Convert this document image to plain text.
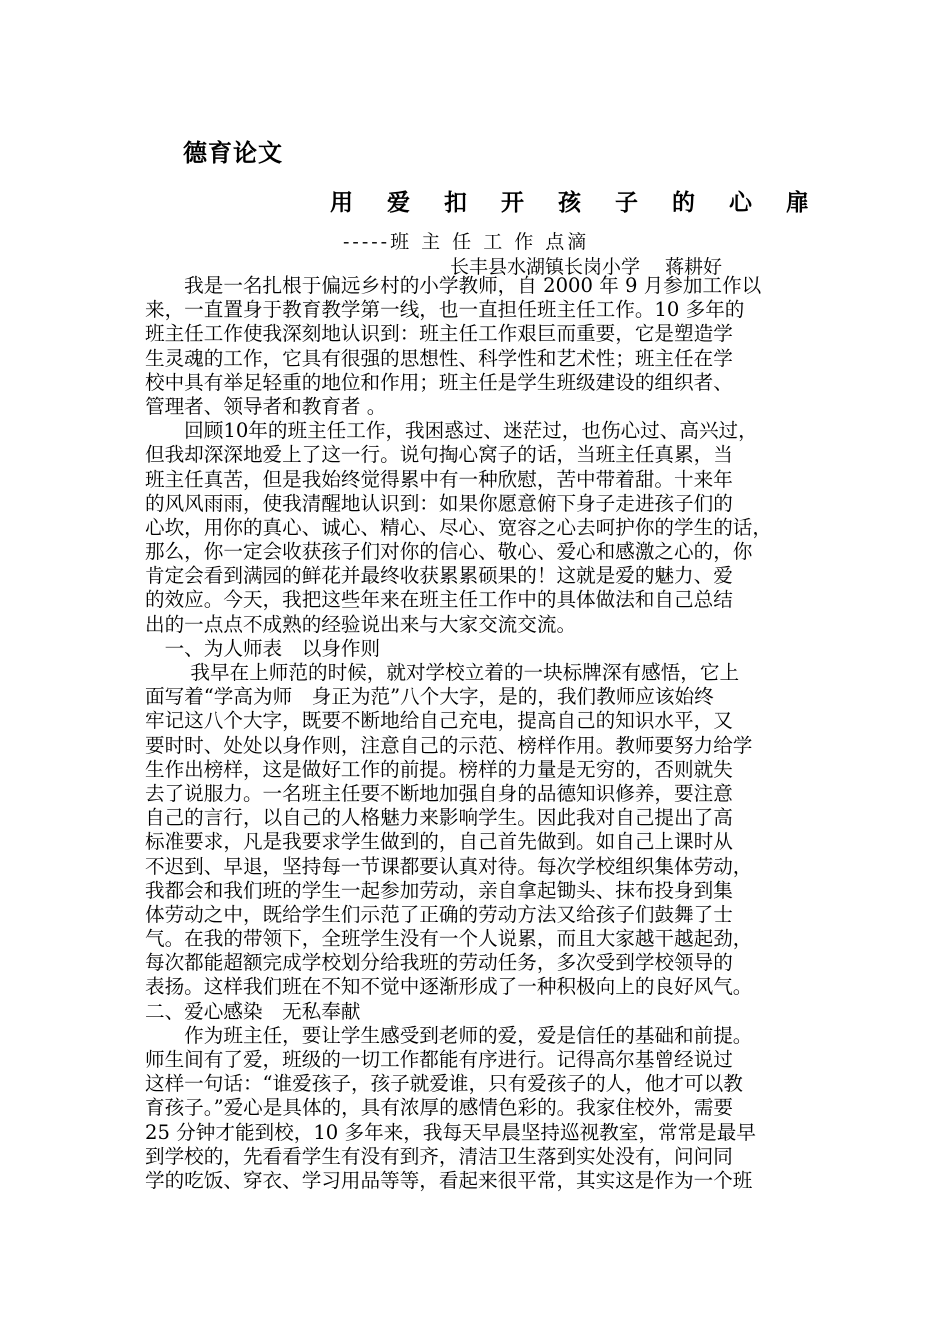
德育论文
用 爱 扣 开 孩 子 的 心 扉
-----班 主 任 工 作 点滴
长丰县水湖镇长岗小学　 蒋耕好
　　我是一名扎根于偏远乡村的小学教师，自 2000 年 9 月参加工作以
来，一直置身于教育教学第一线，也一直担任班主任工作。10 多年的
班主任工作使我深刻地认识到：班主任工作艰巨而重要，它是塑造学
生灵魂的工作，它具有很强的思想性、科学性和艺术性；班主任在学
校中具有举足轻重的地位和作用；班主任是学生班级建设的组织者、
管理者、领导者和教育者 。
　　回顾10年的班主任工作，我困惑过、迷茫过，也伤心过、高兴过，
但我却深深地爱上了这一行。说句掏心窝子的话，当班主任真累，当
班主任真苦，但是我始终觉得累中有一种欣慰，苦中带着甜。十来年
的风风雨雨，使我清醒地认识到：如果你愿意俯下身子走进孩子们的
心坎，用你的真心、诚心、精心、尽心、宽容之心去呵护你的学生的话，
那么，你一定会收获孩子们对你的信心、敬心、爱心和感激之心的，你
肯定会看到满园的鲜花并最终收获累累硕果的！这就是爱的魅力、爱
的效应。今天，我把这些年来在班主任工作中的具体做法和自己总结
出的一点点不成熟的经验说出来与大家交流交流。
　一、为人师表　以身作则
　　 我早在上师范的时候，就对学校立着的一块标牌深有感悟，它上
面写着“学高为师　身正为范”八个大字，是的，我们教师应该始终
牢记这八个大字，既要不断地给自己充电，提高自己的知识水平，又
要时时、处处以身作则，注意自己的示范、榜样作用。教师要努力给学
生作出榜样，这是做好工作的前提。榜样的力量是无穷的，否则就失
去了说服力。一名班主任要不断地加强自身的品德知识修养，要注意
自己的言行，以自己的人格魅力来影响学生。因此我对自己提出了高
标准要求，凡是我要求学生做到的，自己首先做到。如自己上课时从
不迟到、早退，坚持每一节课都要认真对待。每次学校组织集体劳动，
我都会和我们班的学生一起参加劳动，亲自拿起锄头、抹布投身到集
体劳动之中，既给学生们示范了正确的劳动方法又给孩子们鼓舞了士
气。在我的带领下，全班学生没有一个人说累，而且大家越干越起劲，
每次都能超额完成学校划分给我班的劳动任务，多次受到学校领导的
表扬。这样我们班在不知不觉中逐渐形成了一种积极向上的良好风气。
二、爱心感染　无私奉献
　　作为班主任，要让学生感受到老师的爱，爱是信任的基础和前提。
师生间有了爱，班级的一切工作都能有序进行。记得高尔基曾经说过
这样一句话：“谁爱孩子，孩子就爱谁，只有爱孩子的人，他才可以教
育孩子。”爱心是具体的，具有浓厚的感情色彩的。我家住校外，需要
25 分钟才能到校，10 多年来，我每天早晨坚持巡视教室，常常是最早
到学校的，先看看学生有没有到齐，清洁卫生落到实处没有，问问同
学的吃饭、穿衣、学习用品等等，看起来很平常，其实这是作为一个班
